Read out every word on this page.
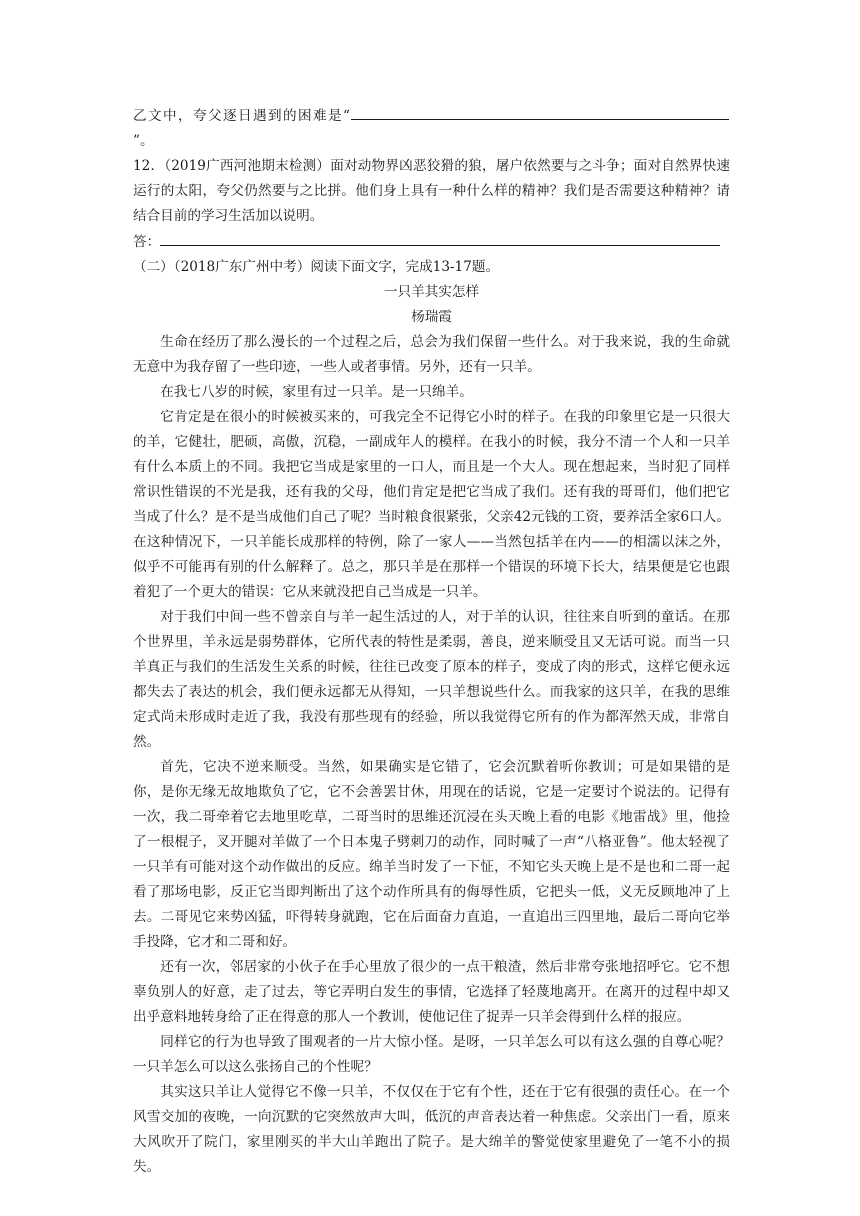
乙文中，夸父逐日遇到的困难是“”。

12．（2019广西河池期末检测）面对动物界凶恶狡猾的狼，屠户依然要与之斗争；面对自然界快速运行的太阳，夸父仍然要与之比拼。他们身上具有一种什么样的精神？我们是否需要这种精神？请结合目前的学习生活加以说明。

答：

（二）（2018广东广州中考）阅读下面文字，完成13-17题。

一只羊其实怎样

杨瑞霞

生命在经历了那么漫长的一个过程之后，总会为我们保留一些什么。对于我来说，我的生命就无意中为我存留了一些印迹，一些人或者事情。另外，还有一只羊。

在我七八岁的时候，家里有过一只羊。是一只绵羊。

它肯定是在很小的时候被买来的，可我完全不记得它小时的样子。在我的印象里它是一只很大的羊，它健壮，肥硕，高傲，沉稳，一副成年人的模样。在我小的时候，我分不清一个人和一只羊有什么本质上的不同。我把它当成是家里的一口人，而且是一个大人。现在想起来，当时犯了同样常识性错误的不光是我，还有我的父母，他们肯定是把它当成了我们。还有我的哥哥们，他们把它当成了什么？是不是当成他们自己了呢？当时粮食很紧张，父亲42元钱的工资，要养活全家6口人。在这种情况下，一只羊能长成那样的特例，除了一家人——当然包括羊在内——的相濡以沫之外，似乎不可能再有别的什么解释了。总之，那只羊是在那样一个错误的环境下长大，结果便是它也跟着犯了一个更大的错误：它从来就没把自己当成是一只羊。

对于我们中间一些不曾亲自与羊一起生活过的人，对于羊的认识，往往来自听到的童话。在那个世界里，羊永远是弱势群体，它所代表的特性是柔弱，善良，逆来顺受且又无话可说。而当一只羊真正与我们的生活发生关系的时候，往往已改变了原本的样子，变成了肉的形式，这样它便永远都失去了表达的机会，我们便永远都无从得知，一只羊想说些什么。而我家的这只羊，在我的思维定式尚未形成时走近了我，我没有那些现有的经验，所以我觉得它所有的作为都浑然天成，非常自然。

首先，它决不逆来顺受。当然，如果确实是它错了，它会沉默着听你教训；可是如果错的是你，是你无缘无故地欺负了它，它不会善罢甘休，用现在的话说，它是一定要讨个说法的。记得有一次，我二哥牵着它去地里吃草，二哥当时的思维还沉浸在头天晚上看的电影《地雷战》里，他捡了一根棍子，叉开腿对羊做了一个日本鬼子劈刺刀的动作，同时喊了一声“八格亚鲁”。他太轻视了一只羊有可能对这个动作做出的反应。绵羊当时发了一下怔，不知它头天晚上是不是也和二哥一起看了那场电影，反正它当即判断出了这个动作所具有的侮辱性质，它把头一低，义无反顾地冲了上去。二哥见它来势凶猛，吓得转身就跑，它在后面奋力直追，一直追出三四里地，最后二哥向它举手投降，它才和二哥和好。

还有一次，邻居家的小伙子在手心里放了很少的一点干粮渣，然后非常夸张地招呼它。它不想辜负别人的好意，走了过去，等它弄明白发生的事情，它选择了轻蔑地离开。在离开的过程中却又出乎意料地转身给了正在得意的那人一个教训，使他记住了捉弄一只羊会得到什么样的报应。

同样它的行为也导致了围观者的一片大惊小怪。是呀，一只羊怎么可以有这么强的自尊心呢？一只羊怎么可以这么张扬自己的个性呢？

其实这只羊让人觉得它不像一只羊，不仅仅在于它有个性，还在于它有很强的责任心。在一个风雪交加的夜晚，一向沉默的它突然放声大叫，低沉的声音表达着一种焦虑。父亲出门一看，原来大风吹开了院门，家里刚买的半大山羊跑出了院子。是大绵羊的警觉使家里避免了一笔不小的损失。
